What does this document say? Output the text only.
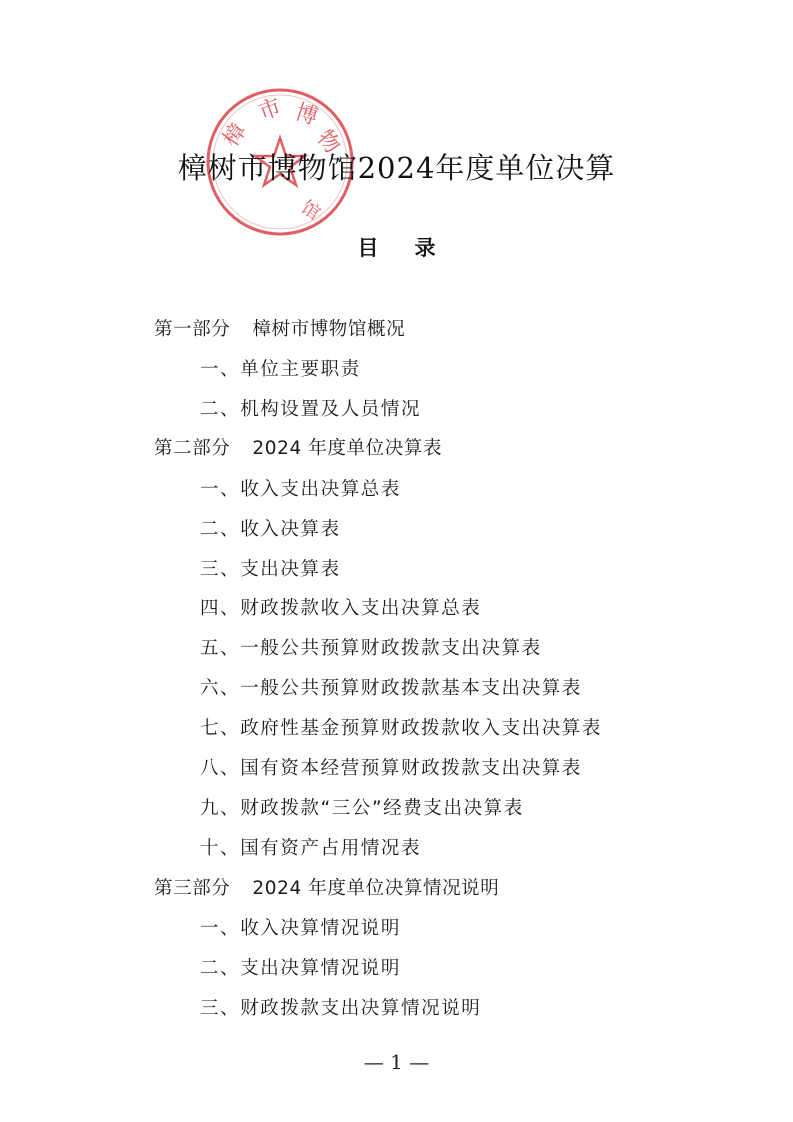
樟
市 博
物
馆
樟树市博物馆2024年度单位决算
目 录
第一部分 樟树市博物馆概况
一、单位主要职责
二、机构设置及人员情况
第二部分 2024 年度单位决算表
一、收入支出决算总表
二、收入决算表
三、支出决算表
四、财政拨款收入支出决算总表
五、一般公共预算财政拨款支出决算表
六、一般公共预算财政拨款基本支出决算表
七、政府性基金预算财政拨款收入支出决算表
八、国有资本经营预算财政拨款支出决算表
九、财政拨款“三公”经费支出决算表
十、国有资产占用情况表
第三部分 2024 年度单位决算情况说明
一、收入决算情况说明
二、支出决算情况说明
三、财政拨款支出决算情况说明
— 1 —
